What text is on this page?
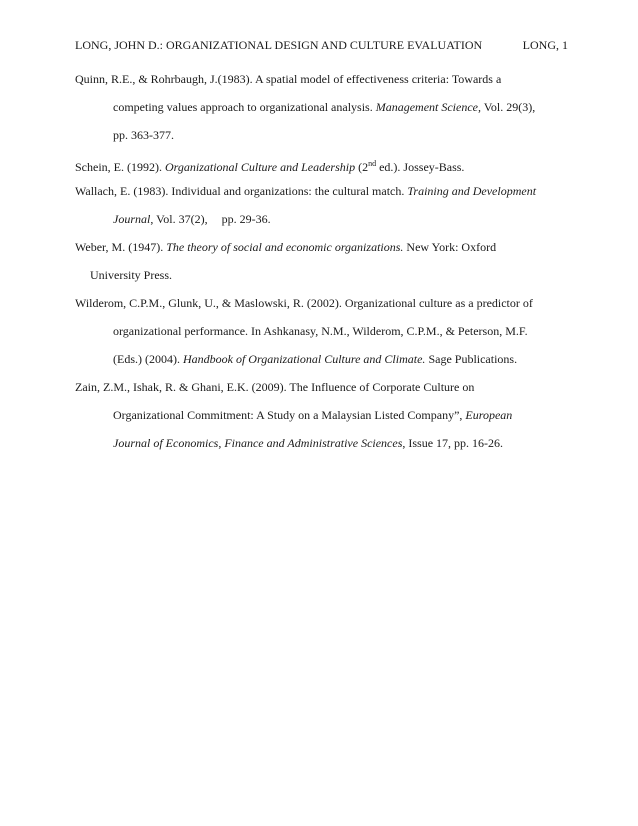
LONG, JOHN D.: ORGANIZATIONAL DESIGN AND CULTURE EVALUATION	LONG, 1
Quinn, R.E., & Rohrbaugh, J.(1983). A spatial model of effectiveness criteria: Towards a
competing values approach to organizational analysis. Management Science, Vol. 29(3),
pp. 363-377.
Schein, E. (1992). Organizational Culture and Leadership (2nd ed.). Jossey-Bass.
Wallach, E. (1983). Individual and organizations: the cultural match. Training and Development
Journal, Vol. 37(2), pp. 29-36.
Weber, M. (1947). The theory of social and economic organizations. New York: Oxford
University Press.
Wilderom, C.P.M., Glunk, U., & Maslowski, R. (2002). Organizational culture as a predictor of
organizational performance. In Ashkanasy, N.M., Wilderom, C.P.M., & Peterson, M.F.
(Eds.) (2004). Handbook of Organizational Culture and Climate. Sage Publications.
Zain, Z.M., Ishak, R. & Ghani, E.K. (2009). The Influence of Corporate Culture on
Organizational Commitment: A Study on a Malaysian Listed Company”, European
Journal of Economics, Finance and Administrative Sciences, Issue 17, pp. 16-26.
